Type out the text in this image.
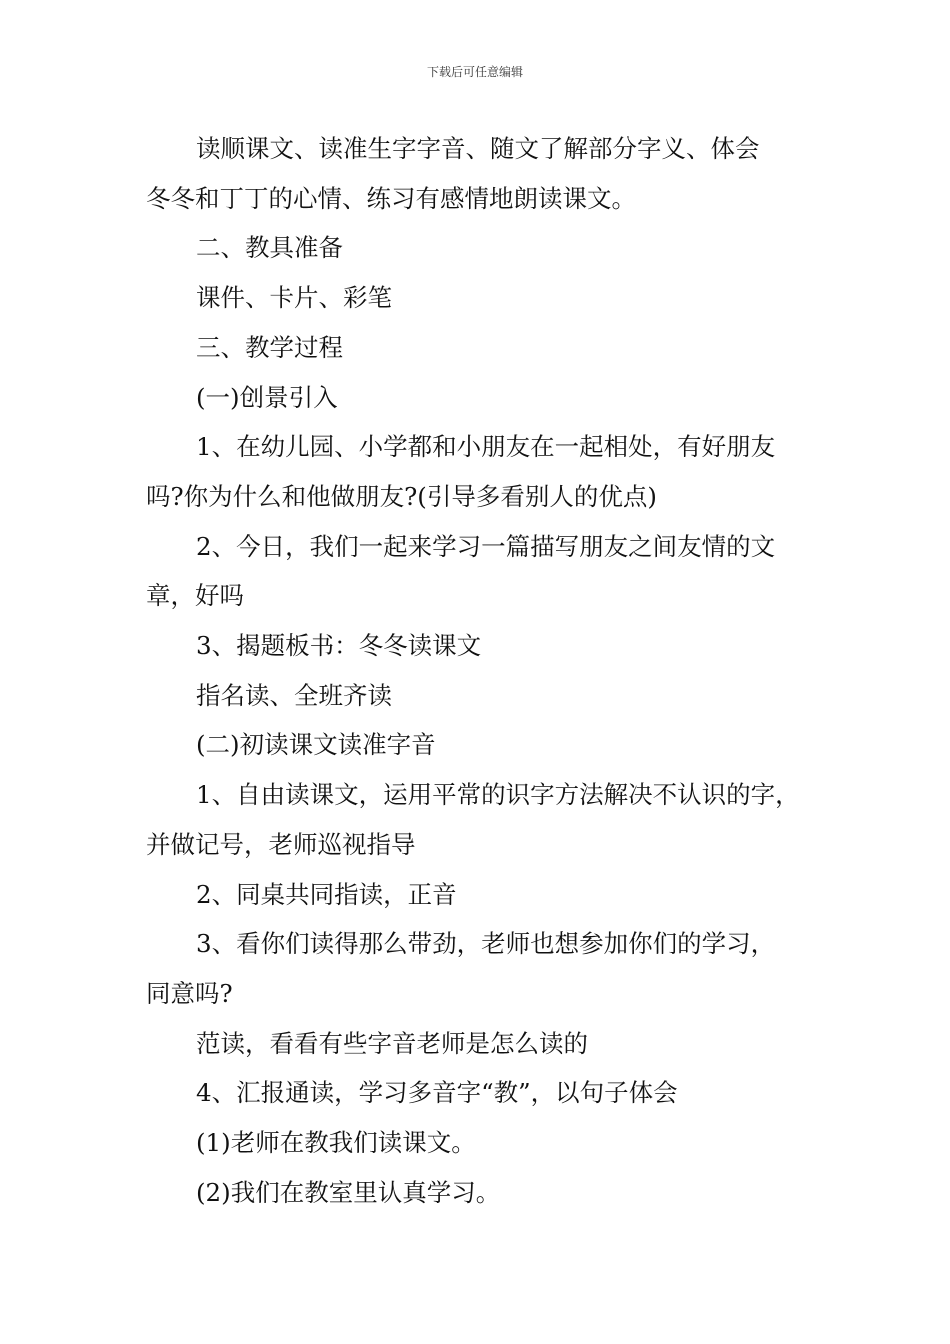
下载后可任意编辑

读顺课文、读准生字字音、随文了解部分字义、体会

冬冬和丁丁的心情、练习有感情地朗读课文。

二、教具准备

课件、卡片、彩笔

三、教学过程

(一)创景引入

1、在幼儿园、小学都和小朋友在一起相处，有好朋友

吗?你为什么和他做朋友?(引导多看别人的优点)

2、今日，我们一起来学习一篇描写朋友之间友情的文

章，好吗

3、揭题板书：冬冬读课文

指名读、全班齐读

(二)初读课文读准字音

1、自由读课文，运用平常的识字方法解决不认识的字，

并做记号，老师巡视指导

2、同桌共同指读，正音

3、看你们读得那么带劲，老师也想参加你们的学习，

同意吗?

范读，看看有些字音老师是怎么读的

4、汇报通读，学习多音字“教”，以句子体会

(1)老师在教我们读课文。

(2)我们在教室里认真学习。
